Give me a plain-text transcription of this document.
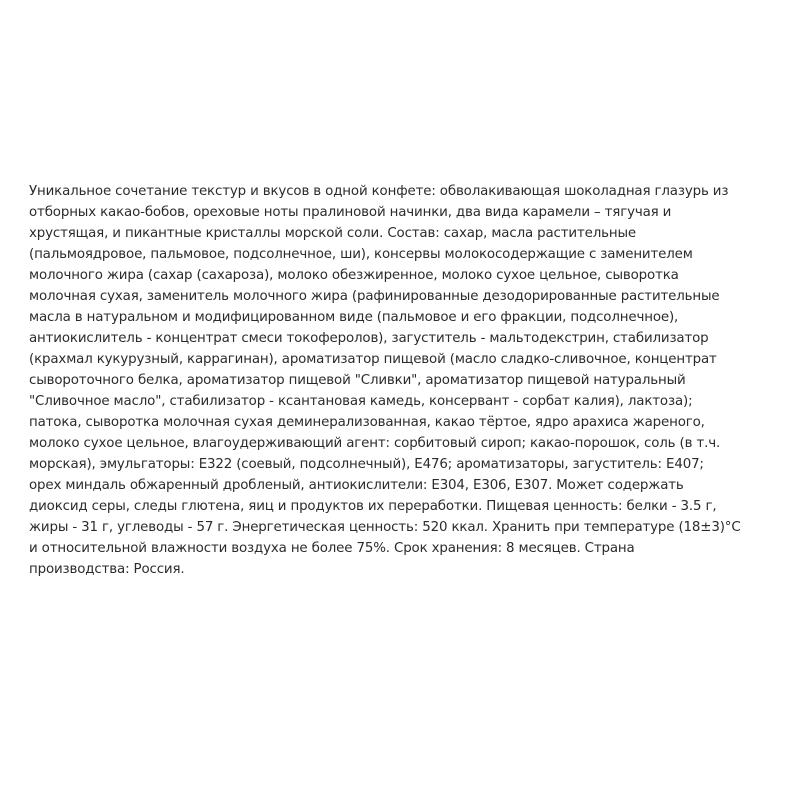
Уникальное сочетание текстур и вкусов в одной конфете: обволакивающая шоколадная глазурь из
отборных какао-бобов, ореховые ноты пралиновой начинки, два вида карамели – тягучая и
хрустящая, и пикантные кристаллы морской соли. Состав: сахар, масла растительные
(пальмоядровое, пальмовое, подсолнечное, ши), консервы молокосодержащие с заменителем
молочного жира (сахар (сахароза), молоко обезжиренное, молоко сухое цельное, сыворотка
молочная сухая, заменитель молочного жира (рафинированные дезодорированные растительные
масла в натуральном и модифицированном виде (пальмовое и его фракции, подсолнечное),
антиокислитель - концентрат смеси токоферолов), загуститель - мальтодекстрин, стабилизатор
(крахмал кукурузный, каррагинан), ароматизатор пищевой (масло сладко-сливочное, концентрат
сывороточного белка, ароматизатор пищевой "Сливки", ароматизатор пищевой натуральный
"Сливочное масло", стабилизатор - ксантановая камедь, консервант - сорбат калия), лактоза);
патока, сыворотка молочная сухая деминерализованная, какао тёртое, ядро арахиса жареного,
молоко сухое цельное, влагоудерживающий агент: сорбитовый сироп; какао-порошок, соль (в т.ч.
морская), эмульгаторы: Е322 (соевый, подсолнечный), Е476; ароматизаторы, загуститель: Е407;
орех миндаль обжаренный дробленый, антиокислители: Е304, Е306, Е307. Может содержать
диоксид серы, следы глютена, яиц и продуктов их переработки. Пищевая ценность: белки - 3.5 г,
жиры - 31 г, углеводы - 57 г. Энергетическая ценность: 520 ккал. Хранить при температуре (18±3)°С
и относительной влажности воздуха не более 75%. Срок хранения: 8 месяцев. Страна
производства: Россия.
